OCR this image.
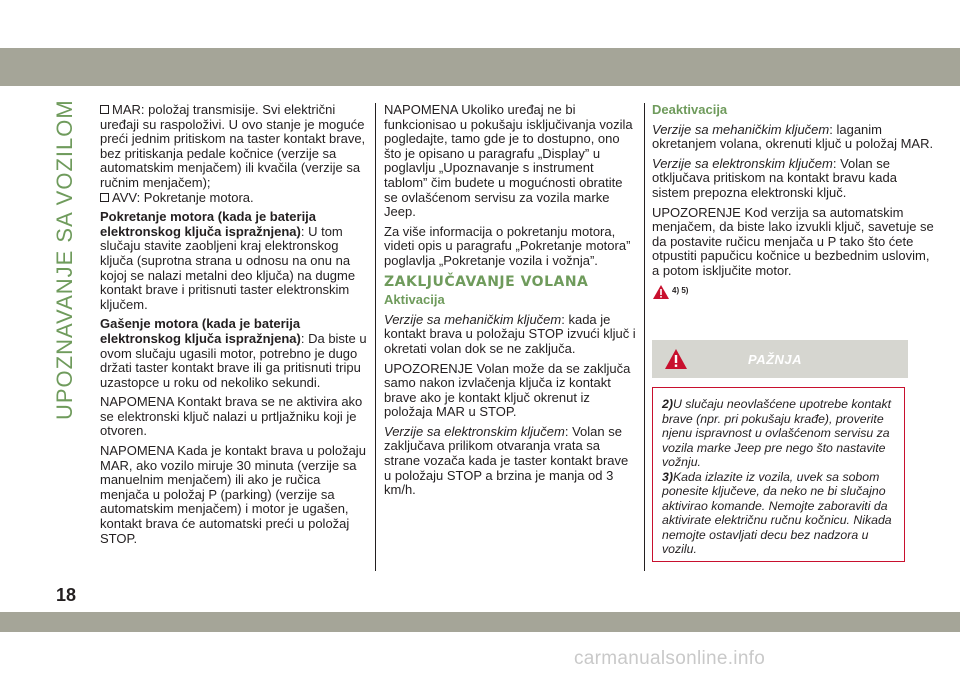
UPOZNAVANJE SA VOZILOM
18

MAR: položaj transmisije. Svi električni uređaji su raspoloživi. U ovo stanje je moguće preći jednim pritiskom na taster kontakt brave, bez pritiskanja pedale kočnice (verzije sa automatskim menjačem) ili kvačila (verzije sa ručnim menjačem);

AVV: Pokretanje motora.

Pokretanje motora (kada je baterija elektronskog ključa ispražnjena): U tom slučaju stavite zaobljeni kraj elektronskog ključa (suprotna strana u odnosu na onu na kojoj se nalazi metalni deo ključa) na dugme kontakt brave i pritisnuti taster elektronskim ključem.

Gašenje motora (kada je baterija elektronskog ključa ispražnjena): Da biste u ovom slučaju ugasili motor, potrebno je dugo držati taster kontakt brave ili ga pritisnuti tripu uzastopce u roku od nekoliko sekundi.

NAPOMENA Kontakt brava se ne aktivira ako se elektronski ključ nalazi u prtljažniku koji je otvoren.

NAPOMENA Kada je kontakt brava u položaju MAR, ako vozilo miruje 30 minuta (verzije sa manuelnim menjačem) ili ako je ručica menjača u položaj P (parking) (verzije sa automatskim menjačem) i motor je ugašen, kontakt brava će automatski preći u položaj STOP.

NAPOMENA Ukoliko uređaj ne bi funkcionisao u pokušaju isključivanja vozila pogledajte, tamo gde je to dostupno, ono što je opisano u paragrafu „Display” u poglavlju „Upoznavanje s instrument tablom” čim budete u mogućnosti obratite se ovlašćenom servisu za vozila marke Jeep.

Za više informacija o pokretanju motora, videti opis u paragrafu „Pokretanje motora” poglavlja „Pokretanje vozila i vožnja”.

ZAKLJUČAVANJE VOLANA
Aktivacija

Verzije sa mehaničkim ključem: kada je kontakt brava u položaju STOP izvući ključ i okretati volan dok se ne zaključa.

UPOZORENJE Volan može da se zaključa samo nakon izvlačenja ključa iz kontakt brave ako je kontakt ključ okrenut iz položaja MAR u STOP.

Verzije sa elektronskim ključem: Volan se zaključava prilikom otvaranja vrata sa strane vozača kada je taster kontakt brave u položaju STOP a brzina je manja od 3 km/h.

Deaktivacija

Verzije sa mehaničkim ključem: laganim okretanjem volana, okrenuti ključ u položaj MAR.

Verzije sa elektronskim ključem: Volan se otključava pritiskom na kontakt bravu kada sistem prepozna elektronski ključ.

UPOZORENJE Kod verzija sa automatskim menjačem, da biste lako izvukli ključ, savetuje se da postavite ručicu menjača u P tako što ćete otpustiti papučicu kočnice u bezbednim uslovim, a potom isključite motor.

4) 5)
PAŽNJA

2)U slučaju neovlašćene upotrebe kontakt brave (npr. pri pokušaju krađe), proverite njenu ispravnost u ovlašćenom servisu za vozila marke Jeep pre nego što nastavite vožnju.

3)Kada izlazite iz vozila, uvek sa sobom ponesite ključeve, da neko ne bi slučajno aktivirao komande. Nemojte zaboraviti da aktivirate električnu ručnu kočnicu. Nikada nemojte ostavljati decu bez nadzora u vozilu.

carmanualsonline.info
